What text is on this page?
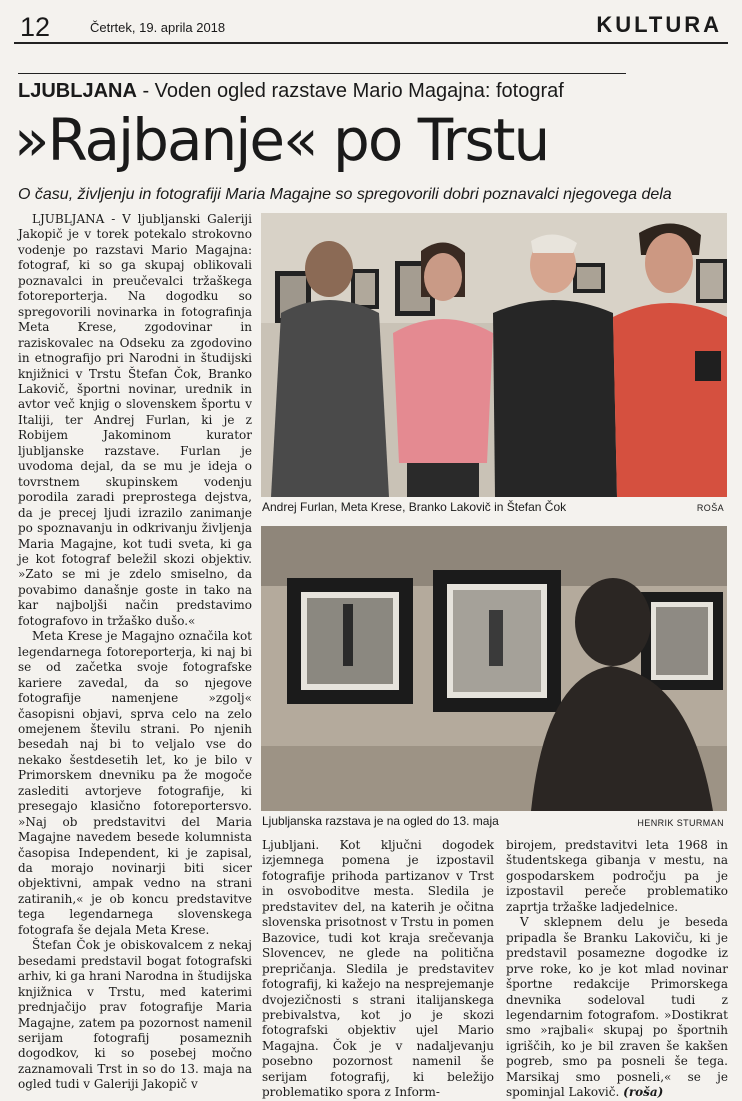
12	Četrtek, 19. aprila 2018	KULTURA
LJUBLJANA - Voden ogled razstave Mario Magajna: fotograf
»Rajbanje« po Trstu
O času, življenju in fotografiji Maria Magajne so spregovorili dobri poznavalci njegovega dela

LJUBLJANA - V ljubljanski Galeriji Jakopič je v torek potekalo strokovno vodenje po razstavi Mario Magajna: fotograf, ki so ga skupaj oblikovali poznavalci in preučevalci tržaškega fotoreporterja. Na dogodku so spregovorili novinarka in fotografinja Meta Krese, zgodovinar in raziskovalec na Odseku za zgodovino in etnografijo pri Narodni in študijski knjižnici v Trstu Štefan Čok, Branko Lakovič, športni novinar, urednik in avtor več knjig o slovenskem športu v Italiji, ter Andrej Furlan, ki je z Robijem Jakominom kurator ljubljanske razstave. Furlan je uvodoma dejal, da se mu je ideja o tovrstnem skupinskem vodenju porodila zaradi preprostega dejstva, da je precej ljudi izrazilo zanimanje po spoznavanju in odkrivanju življenja Maria Magajne, kot tudi sveta, ki ga je kot fotograf beležil skozi objektiv. »Zato se mi je zdelo smiselno, da povabimo današnje goste in tako na kar najboljši način predstavimo fotografovo in tržaško dušo.«

Meta Krese je Magajno označila kot legendarnega fotoreporterja, ki naj bi se od začetka svoje fotografske kariere zavedal, da so njegove fotografije namenjene »zgolj« časopisni objavi, sprva celo na zelo omejenem številu strani. Po njenih besedah naj bi to veljalo vse do nekako šestdesetih let, ko je bilo v Primorskem dnevniku pa že mogoče zaslediti avtorjeve fotografije, ki presegajo klasično fotoreportersvo. »Naj ob predstavitvi del Maria Magajne navedem besede kolumnista časopisa Independent, ki je zapisal, da morajo novinarji biti sicer objektivni, ampak vedno na strani zatiranih,« je ob koncu predstavitve tega legendarnega slovenskega fotografa še dejala Meta Krese.

Štefan Čok je obiskovalcem z nekaj besedami predstavil bogat fotografski arhiv, ki ga hrani Narodna in študijska knjižnica v Trstu, med katerimi prednjačijo prav fotografije Maria Magajne, zatem pa pozornost namenil serijam fotografij posameznih dogodkov, ki so posebej močno zaznamovali Trst in so do 13. maja na ogled tudi v Galeriji Jakopič v

Andrej Furlan, Meta Krese, Branko Lakovič in Štefan Čok	ROŠA
Ljubljanska razstava je na ogled do 13. maja	HENRIK STURMAN

Ljubljani. Kot ključni dogodek izjemnega pomena je izpostavil fotografije prihoda partizanov v Trst in osvoboditve mesta. Sledila je predstavitev del, na katerih je očitna slovenska prisotnost v Trstu in pomen Bazovice, tudi kot kraja srečevanja Slovencev, ne glede na politična prepričanja. Sledila je predstavitev fotografij, ki kažejo na nespreјemanje dvojezičnosti s strani italijanskega prebivalstva, kot jo je skozi fotografski objektiv ujel Mario Magajna. Čok je v nadaljevanju posebno pozornost namenil še serijam fotografij, ki beležijo problematiko spora z Inform-

birojem, predstavitvi leta 1968 in študentskega gibanja v mestu, na gospodarskem področju pa je izpostavil pereče problematiko zaprtja tržaške ladjedelnice.

V sklepnem delu je beseda pripadla še Branku Lakoviču, ki je predstavil posamezne dogodke iz prve roke, ko je kot mlad novinar športne redakcije Primorskega dnevnika sodeloval tudi z legendarnim fotografom. »Dostikrat smo »rajbali« skupaj po športnih igriščih, ko je bil zraven še kakšen pogreb, smo pa posneli še tega. Marsikaj smo posneli,« se je spominjal Lakovič. (roša)
